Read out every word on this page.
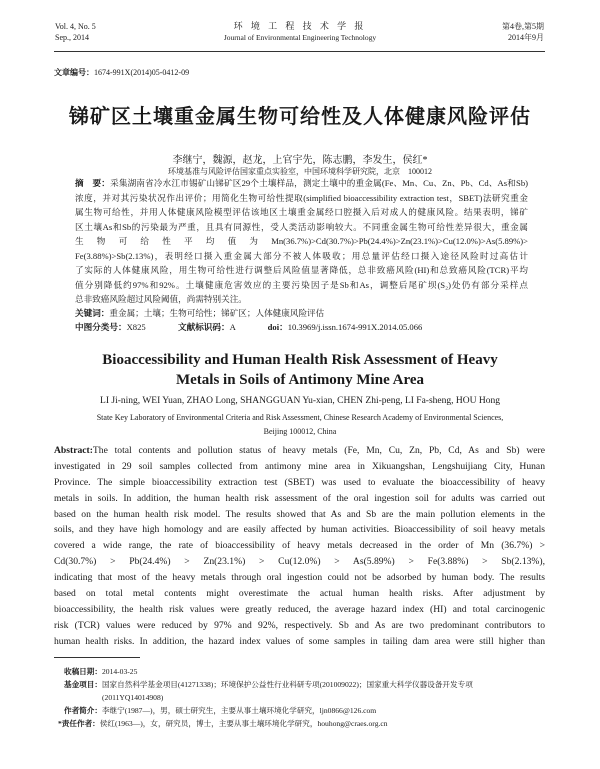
Vol. 4, No. 5
Sep., 2014
环 境 工 程 技 术 学 报
Journal of Environmental Engineering Technology
第4卷,第5期
2014年9月
文章编号：1674-991X(2014)05-0412-09
锑矿区土壤重金属生物可给性及人体健康风险评估
李继宁，魏源，赵龙，上官宇先，陈志鹏，李发生，侯红*
环境基准与风险评估国家重点实验室，中国环境科学研究院，北京　100012
摘　要：采集湖南省冷水江市锡矿山锑矿区29个土壤样品，测定土壤中的重金属(Fe、Mn、Cu、Zn、Pb、Cd、As和Sb)
浓度，并对其污染状况作出评价；用简化生物可给性提取(simplified bioaccessibility extraction test，SBET)法研究重金
属生物可给性，并用人体健康风险模型评估该地区土壤重金属经口腔摄入后对成人的健康风险。结果表明，锑矿
区土壤As和Sb的污染最为严重，且具有同源性，受人类活动影响较大。不同重金属生物可给性差异很大，重金属
生物可给性平均值为Mn(36.7%)>Cd(30.7%)>Pb(24.4%)>Zn(23.1%)>Cu(12.0%)>As(5.89%)>
Fe(3.88%)>Sb(2.13%)，表明经口摄入重金属大部分不被人体吸收；用总量评估经口摄入途径风险时过高估计
了实际的人体健康风险，用生物可给性进行调整后风险值显著降低，总非致癌风险(HI)和总致癌风险(TCR)平均
值分别降低约97%和92%。土壤健康危害效应的主要污染因子是Sb和As，调整后尾矿坝(S₂)处仍有部分采样点
总非致癌风险超过风险阈值，尚需特别关注。
关键词：重金属；土壤；生物可给性；锑矿区；人体健康风险评估
中图分类号：X825	文献标识码：A	doi：10.3969/j.issn.1674-991X.2014.05.066
Bioaccessibility and Human Health Risk Assessment of Heavy
Metals in Soils of Antimony Mine Area
LI Ji-ning, WEI Yuan, ZHAO Long, SHANGGUAN Yu-xian, CHEN Zhi-peng, LI Fa-sheng, HOU Hong
State Key Laboratory of Environmental Criteria and Risk Assessment, Chinese Research Academy of Environmental Sciences,
Beijing 100012, China
Abstract:The total contents and pollution status of heavy metals (Fe, Mn, Cu, Zn, Pb, Cd, As and Sb) were
investigated in 29 soil samples collected from antimony mine area in Xikuangshan, Lengshuijiang City, Hunan
Province. The simple bioaccessibility extraction test (SBET) was used to evaluate the bioaccessibility of heavy
metals in soils. In addition, the human health risk assessment of the oral ingestion soil for adults was carried out
based on the human health risk model. The results showed that As and Sb are the main pollution elements in the
soils, and they have high homology and are easily affected by human activities. Bioaccessibility of soil heavy metals
covered a wide range, the rate of bioaccessibility of heavy metals decreased in the order of Mn (36.7%) >
Cd(30.7%) > Pb(24.4%) > Zn(23.1%) > Cu(12.0%) > As(5.89%) > Fe(3.88%) > Sb(2.13%),
indicating that most of the heavy metals through oral ingestion could not be adsorbed by human body. The results
based on total metal contents might overestimate the actual human health risks. After adjustment by
bioaccessibility, the health risk values were greatly reduced, the average hazard index (HI) and total carcinogenic
risk (TCR) values were reduced by 97% and 92%, respectively. Sb and As are two predominant contributors to
human health risks. In addition, the hazard index values of some samples in tailing dam area were still higher than
收稿日期：2014-03-25
基金项目：国家自然科学基金项目(41271338)；环境保护公益性行业科研专项(201009022)；国家重大科学仪器设备开发专项
(2011YQ14014908)
作者简介：李继宁(1987—)，男，硕士研究生，主要从事土壤环境化学研究，ljn0866@126.com
*责任作者：侯红(1963—)，女，研究员，博士，主要从事土壤环境化学研究，houhong@craes.org.cn
